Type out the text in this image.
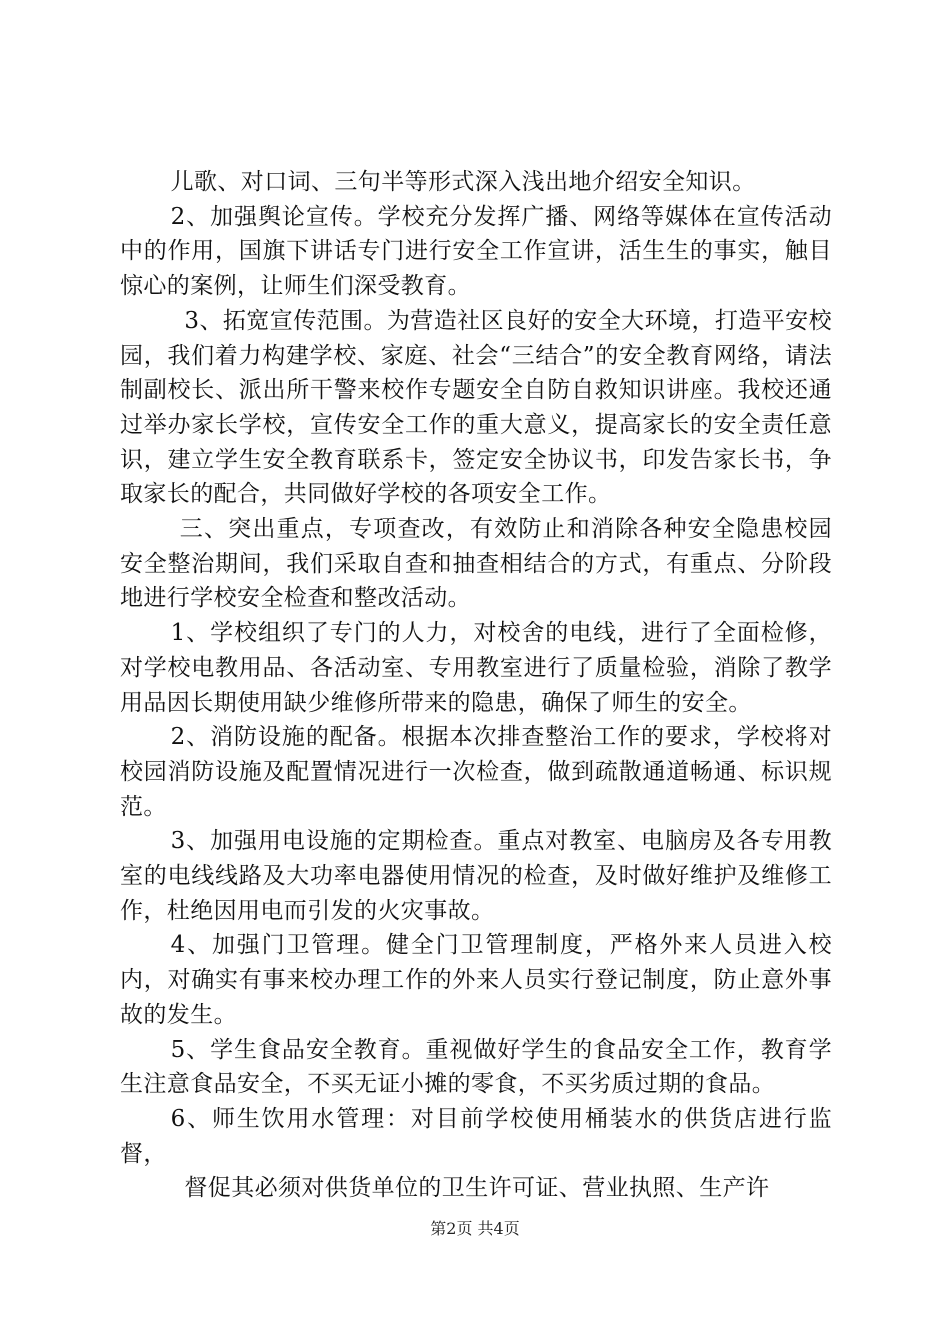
儿歌、对口词、三句半等形式深入浅出地介绍安全知识。

2、加强舆论宣传。学校充分发挥广播、网络等媒体在宣传活动中的作用，国旗下讲话专门进行安全工作宣讲，活生生的事实，触目惊心的案例，让师生们深受教育。

3、拓宽宣传范围。为营造社区良好的安全大环境，打造平安校园，我们着力构建学校、家庭、社会“三结合”的安全教育网络，请法制副校长、派出所干警来校作专题安全自防自救知识讲座。我校还通过举办家长学校，宣传安全工作的重大意义，提高家长的安全责任意识，建立学生安全教育联系卡，签定安全协议书，印发告家长书，争取家长的配合，共同做好学校的各项安全工作。

三、突出重点，专项查改，有效防止和消除各种安全隐患校园安全整治期间，我们采取自查和抽查相结合的方式，有重点、分阶段地进行学校安全检查和整改活动。

1、学校组织了专门的人力，对校舍的电线，进行了全面检修，对学校电教用品、各活动室、专用教室进行了质量检验，消除了教学用品因长期使用缺少维修所带来的隐患，确保了师生的安全。

2、消防设施的配备。根据本次排查整治工作的要求，学校将对校园消防设施及配置情况进行一次检查，做到疏散通道畅通、标识规范。

3、加强用电设施的定期检查。重点对教室、电脑房及各专用教室的电线线路及大功率电器使用情况的检查，及时做好维护及维修工作，杜绝因用电而引发的火灾事故。

4、加强门卫管理。健全门卫管理制度，严格外来人员进入校内，对确实有事来校办理工作的外来人员实行登记制度，防止意外事故的发生。

5、学生食品安全教育。重视做好学生的食品安全工作，教育学生注意食品安全，不买无证小摊的零食，不买劣质过期的食品。

6、师生饮用水管理：对目前学校使用桶装水的供货店进行监督，

督促其必须对供货单位的卫生许可证、营业执照、生产许

第2页 共4页
